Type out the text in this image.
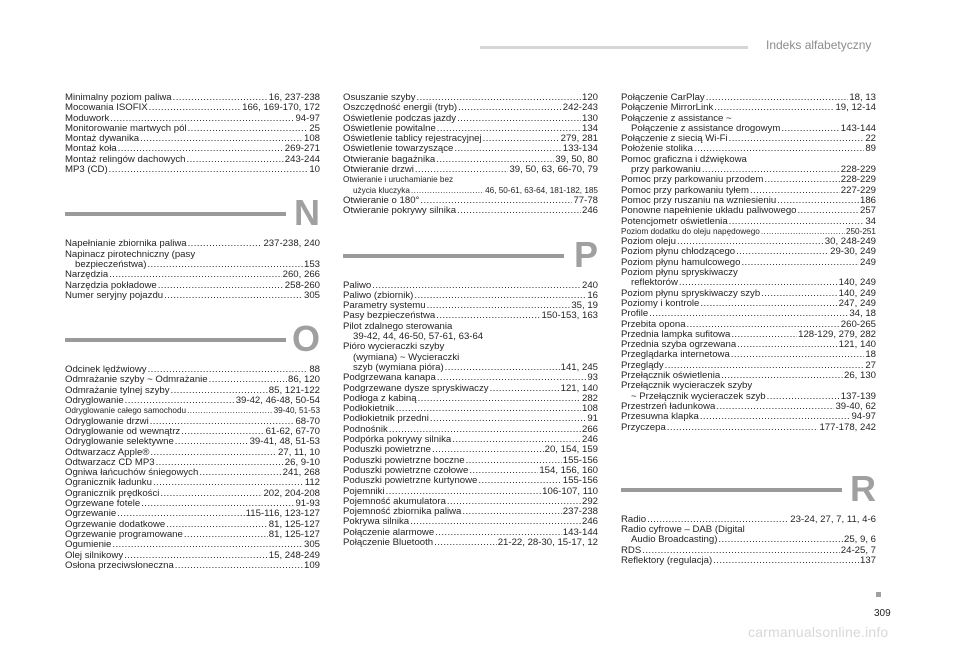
Indeks alfabetyczny
Minimalny poziom paliwa .....	16, 237-238
Mocowania ISOFIX .....	166, 169-170, 172
Moduwork .....	94-97
Monitorowanie martwych pól .....	25
Montaż dywanika .....	108
Montaż koła .....	269-271
Montaż relingów dachowych .....	243-244
MP3 (CD) .....	10
N
Napełnianie zbiornika paliwa .....	237-238, 240
Napinacz pirotechniczny (pasy
bezpieczeństwa) .....	153
Narzędzia .....	260, 266
Narzędzia pokładowe .....	258-260
Numer seryjny pojazdu .....	305
O
Odcinek lędźwiowy .....	88
Odmrażanie szyby ~ Odmrażanie .....	86, 120
Odmrażanie tylnej szyby .....	85, 121-122
Odryglowanie .....	39-42, 46-48, 50-54
Odryglowanie całego samochodu .....	39-40, 51-53
Odryglowanie drzwi .....	68-70
Odryglowanie od wewnątrz .....	61-62, 67-70
Odryglowanie selektywne .....	39-41, 48, 51-53
Odtwarzacz Apple® .....	27, 11, 10
Odtwarzacz CD MP3 .....	26, 9-10
Ogniwa łańcuchów śniegowych .....	241, 268
Ogranicznik ładunku .....	112
Ogranicznik prędkości .....	202, 204-208
Ogrzewane fotele .....	91-93
Ogrzewanie .....	115-116, 123-127
Ogrzewanie dodatkowe .....	81, 125-127
Ogrzewanie programowane .....	81, 125-127
Ogumienie .....	305
Olej silnikowy .....	15, 248-249
Osłona przeciwsłoneczna .....	109
Osuszanie szyby .....	120
Oszczędność energii (tryb) .....	242-243
Oświetlenie podczas jazdy .....	130
Oświetlenie powitalne .....	134
Oświetlenie tablicy rejestracyjnej .....	279, 281
Oświetlenie towarzyszące .....	133-134
Otwieranie bagażnika .....	39, 50, 80
Otwieranie drzwi .....	39, 50, 63, 66-70, 79
Otwieranie i uruchamianie bez
użycia kluczyka .....	46, 50-61, 63-64, 181-182, 185
Otwieranie o 180° .....	77-78
Otwieranie pokrywy silnika .....	246
P
Paliwo .....	240
Paliwo (zbiornik) .....	16
Parametry systemu .....	35, 19
Pasy bezpieczeństwa .....	150-153, 163
Pilot zdalnego sterowania
39-42, 44, 46-50, 57-61, 63-64
Pióro wycieraczki szyby
(wymiana) ~ Wycieraczki
szyb (wymiana pióra) .....	141, 245
Podgrzewana kanapa .....	93
Podgrzewane dysze spryskiwaczy .....	121, 140
Podłoga z kabiną .....	282
Podłokietnik .....	108
Podłokietnik przedni .....	91
Podnośnik .....	266
Podpórka pokrywy silnika .....	246
Poduszki powietrzne .....	20, 154, 159
Poduszki powietrzne boczne .....	155-156
Poduszki powietrzne czołowe .....	154, 156, 160
Poduszki powietrzne kurtynowe .....	155-156
Pojemniki .....	106-107, 110
Pojemność akumulatora .....	292
Pojemność zbiornika paliwa .....	237-238
Pokrywa silnika .....	246
Połączenie alarmowe .....	143-144
Połączenie Bluetooth .....	21-22, 28-30, 15-17, 12
Połączenie CarPlay .....	18, 13
Połączenie MirrorLink .....	19, 12-14
Połączenie z assistance ~
Połączenie z assistance drogowym .....	143-144
Połączenie z siecią Wi-Fi .....	22
Położenie stolika .....	89
Pomoc graficzna i dźwiękowa
przy parkowaniu .....	228-229
Pomoc przy parkowaniu przodem .....	228-229
Pomoc przy parkowaniu tyłem .....	227-229
Pomoc przy ruszaniu na wzniesieniu .....	186
Ponowne napełnienie układu paliwowego .....	257
Potencjometr oświetlenia .....	34
Poziom dodatku do oleju napędowego .....	250-251
Poziom oleju .....	30, 248-249
Poziom płynu chłodzącego .....	29-30, 249
Poziom płynu hamulcowego .....	249
Poziom płynu spryskiwaczy
reflektorów .....	140, 249
Poziom płynu spryskiwaczy szyb .....	140, 249
Poziomy i kontrole .....	247, 249
Profile .....	34, 18
Przebita opona .....	260-265
Przednia lampka sufitowa .....	128-129, 279, 282
Przednia szyba ogrzewana .....	121, 140
Przeglądarka internetowa .....	18
Przeglądy .....	27
Przełącznik oświetlenia .....	26, 130
Przełącznik wycieraczek szyby
~ Przełącznik wycieraczek szyb .....	137-139
Przestrzeń ładunkowa .....	39-40, 62
Przesuwna klapka .....	94-97
Przyczepa .....	177-178, 242
R
Radio .....	23-24, 27, 7, 11, 4-6
Radio cyfrowe – DAB (Digital
Audio Broadcasting) .....	25, 9, 6
RDS .....	24-25, 7
Reflektory (regulacja) .....	137
309
carmanualsonline.info
